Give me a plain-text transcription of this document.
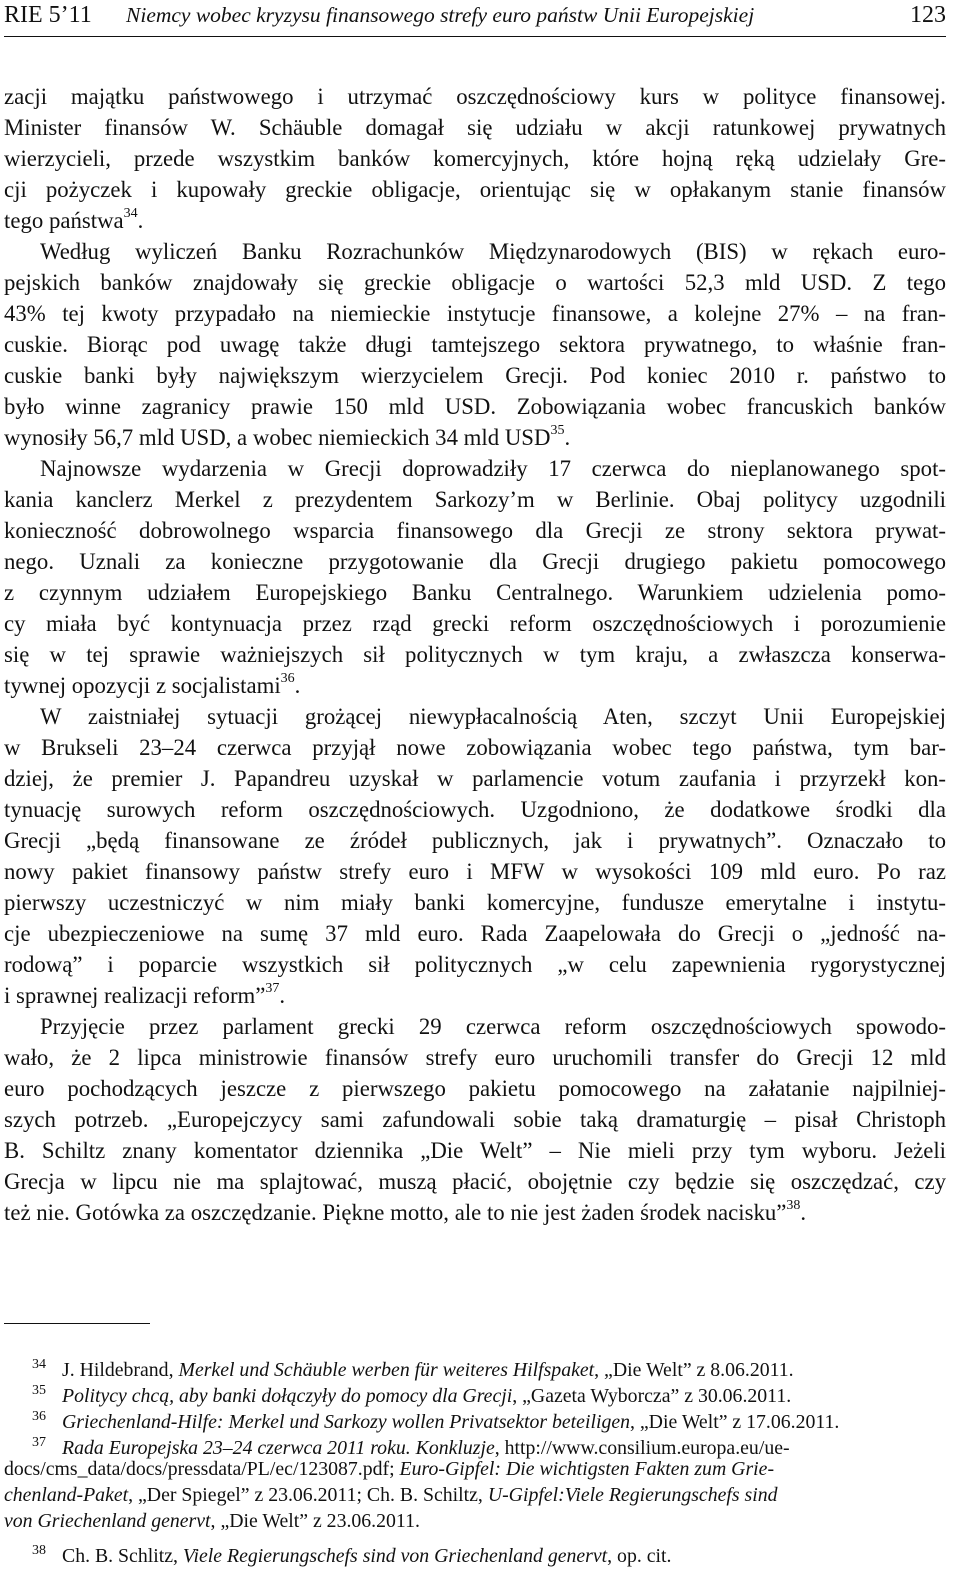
RIE 5’11 Niemcy wobec kryzysu finansowego strefy euro państw Unii Europejskiej	123
zacji majątku państwowego i utrzymać oszczędnościowy kurs w polityce finansowej.
Minister finansów W. Schäuble domagał się udziału w akcji ratunkowej prywatnych
wierzycieli, przede wszystkim banków komercyjnych, które hojną ręką udzielały Gre-
cji pożyczek i kupowały greckie obligacje, orientując się w opłakanym stanie finansów
tego państwa$^{34}$.
Według wyliczeń Banku Rozrachunków Międzynarodowych (BIS) w rękach euro-
pejskich banków znajdowały się greckie obligacje o wartości 52,3 mld USD. Z tego
43% tej kwoty przypadało na niemieckie instytucje finansowe, a kolejne 27% – na fran-
cuskie. Biorąc pod uwagę także długi tamtejszego sektora prywatnego, to właśnie fran-
cuskie banki były największym wierzycielem Grecji. Pod koniec 2010 r. państwo to
było winne zagranicy prawie 150 mld USD. Zobowiązania wobec francuskich banków
wynosiły 56,7 mld USD, a wobec niemieckich 34 mld USD$^{35}$.
Najnowsze wydarzenia w Grecji doprowadziły 17 czerwca do nieplanowanego spot-
kania kanclerz Merkel z prezydentem Sarkozy’m w Berlinie. Obaj politycy uzgodnili
konieczność dobrowolnego wsparcia finansowego dla Grecji ze strony sektora prywat-
nego. Uznali za konieczne przygotowanie dla Grecji drugiego pakietu pomocowego
z czynnym udziałem Europejskiego Banku Centralnego. Warunkiem udzielenia pomo-
cy miała być kontynuacja przez rząd grecki reform oszczędnościowych i porozumienie
się w tej sprawie ważniejszych sił politycznych w tym kraju, a zwłaszcza konserwa-
tywnej opozycji z socjalistami$^{36}$.
W zaistniałej sytuacji grożącej niewypłacalnością Aten, szczyt Unii Europejskiej
w Brukseli 23–24 czerwca przyjął nowe zobowiązania wobec tego państwa, tym bar-
dziej, że premier J. Papandreu uzyskał w parlamencie votum zaufania i przyrzekł kon-
tynuację surowych reform oszczędnościowych. Uzgodniono, że dodatkowe środki dla
Grecji „będą finansowane ze źródeł publicznych, jak i prywatnych”. Oznaczało to
nowy pakiet finansowy państw strefy euro i MFW w wysokości 109 mld euro. Po raz
pierwszy uczestniczyć w nim miały banki komercyjne, fundusze emerytalne i instytu-
cje ubezpieczeniowe na sumę 37 mld euro. Rada Zaapelowała do Grecji o „jedność na-
rodową” i poparcie wszystkich sił politycznych „w celu zapewnienia rygorystycznej
i sprawnej realizacji reform”$^{37}$.
Przyjęcie przez parlament grecki 29 czerwca reform oszczędnościowych spowodo-
wało, że 2 lipca ministrowie finansów strefy euro uruchomili transfer do Grecji 12 mld
euro pochodzących jeszcze z pierwszego pakietu pomocowego na załatanie najpilniej-
szych potrzeb. „Europejczycy sami zafundowali sobie taką dramaturgię – pisał Christoph
B. Schiltz znany komentator dziennika „Die Welt” – Nie mieli przy tym wyboru. Jeżeli
Grecja w lipcu nie ma splajtować, muszą płacić, obojętnie czy będzie się oszczędzać, czy
też nie. Gotówka za oszczędzanie. Piękne motto, ale to nie jest żaden środek nacisku”$^{38}$.
34 J. Hildebrand, Merkel und Schäuble werben für weiteres Hilfspaket, „Die Welt” z 8.06.2011.
35 Politycy chcą, aby banki dołączyły do pomocy dla Grecji, „Gazeta Wyborcza” z 30.06.2011.
36 Griechenland-Hilfe: Merkel und Sarkozy wollen Privatsektor beteiligen, „Die Welt” z 17.06.2011.
37 Rada Europejska 23–24 czerwca 2011 roku. Konkluzje, http://www.consilium.europa.eu/ue-
docs/cms_data/docs/pressdata/PL/ec/123087.pdf; Euro-Gipfel: Die wichtigsten Fakten zum Grie-
chenland-Paket, „Der Spiegel” z 23.06.2011; Ch. B. Schiltz, U-Gipfel:Viele Regierungschefs sind
von Griechenland genervt, „Die Welt” z 23.06.2011.
38 Ch. B. Schlitz, Viele Regierungschefs sind von Griechenland genervt, op. cit.
